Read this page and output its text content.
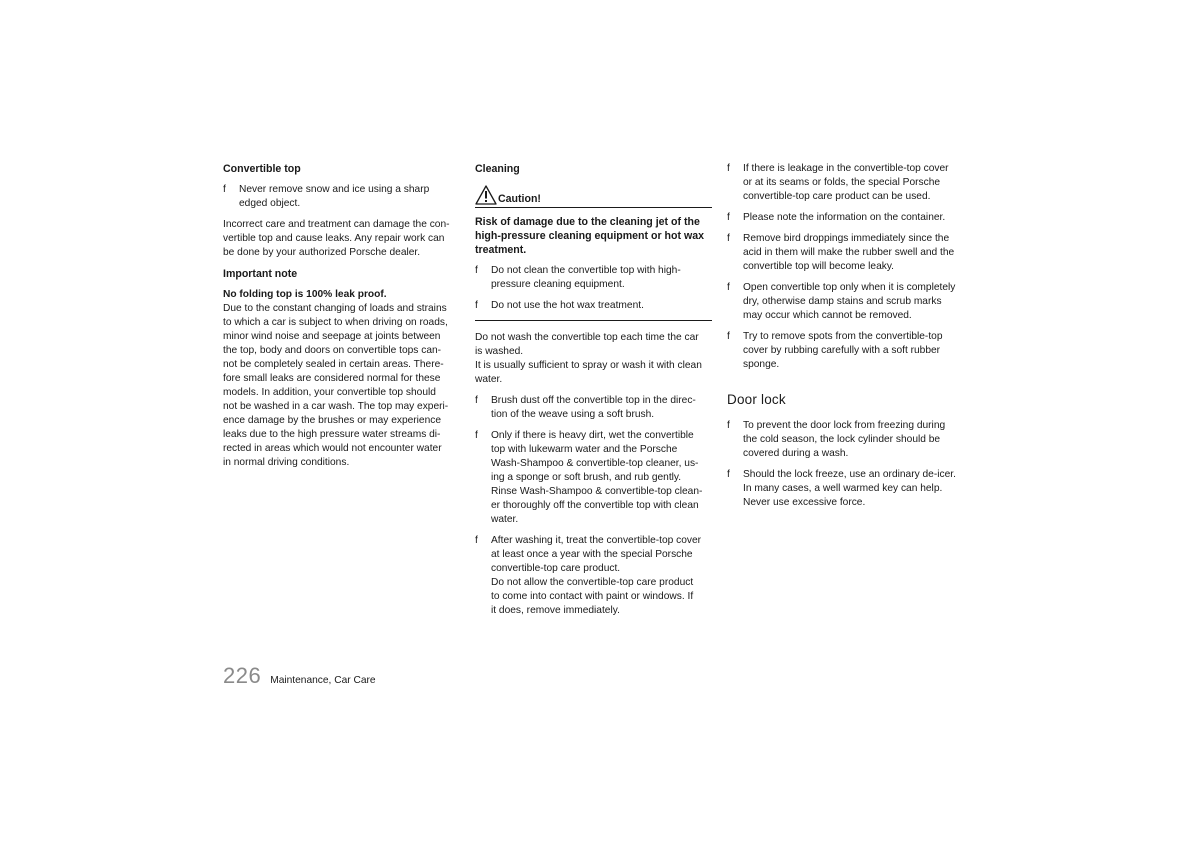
Convertible top
f Never remove snow and ice using a sharp
edged object.

Incorrect care and treatment can damage the con-
vertible top and cause leaks. Any repair work can
be done by your authorized Porsche dealer.

Important note
No folding top is 100% leak proof.

Due to the constant changing of loads and strains
to which a car is subject to when driving on roads,
minor wind noise and seepage at joints between
the top, body and doors on convertible tops can-
not be completely sealed in certain areas. There-
fore small leaks are considered normal for these
models. In addition, your convertible top should
not be washed in a car wash. The top may experi-
ence damage by the brushes or may experience
leaks due to the high pressure water streams di-
rected in areas which would not encounter water
in normal driving conditions.

Cleaning
Caution!
Risk of damage due to the cleaning jet of the
high-pressure cleaning equipment or hot wax
treatment.
f Do not clean the convertible top with high-
pressure cleaning equipment.
f Do not use the hot wax treatment.

Do not wash the convertible top each time the car
is washed.
It is usually sufficient to spray or wash it with clean
water.

f Brush dust off the convertible top in the direc-
tion of the weave using a soft brush.
f Only if there is heavy dirt, wet the convertible
top with lukewarm water and the Porsche
Wash-Shampoo & convertible-top cleaner, us-
ing a sponge or soft brush, and rub gently.
Rinse Wash-Shampoo & convertible-top clean-
er thoroughly off the convertible top with clean
water.
f After washing it, treat the convertible-top cover
at least once a year with the special Porsche
convertible-top care product.
Do not allow the convertible-top care product
to come into contact with paint or windows. If
it does, remove immediately.
f If there is leakage in the convertible-top cover
or at its seams or folds, the special Porsche
convertible-top care product can be used.
f Please note the information on the container.
f Remove bird droppings immediately since the
acid in them will make the rubber swell and the
convertible top will become leaky.
f Open convertible top only when it is completely
dry, otherwise damp stains and scrub marks
may occur which cannot be removed.
f Try to remove spots from the convertible-top
cover by rubbing carefully with a soft rubber
sponge.
Door lock
f To prevent the door lock from freezing during
the cold season, the lock cylinder should be
covered during a wash.
f Should the lock freeze, use an ordinary de-icer.
In many cases, a well warmed key can help.
Never use excessive force.
226 Maintenance, Car Care
